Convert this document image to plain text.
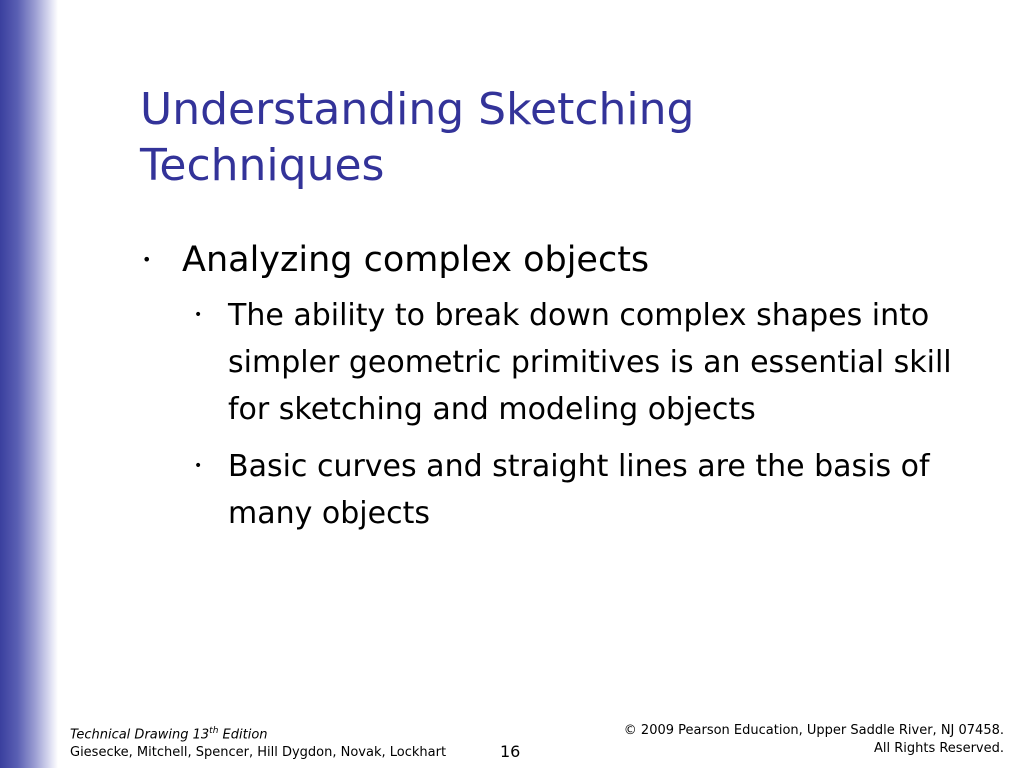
Understanding Sketching
Techniques
• Analyzing complex objects
• The ability to break down complex shapes into simpler geometric primitives is an essential skill for sketching and modeling objects
• Basic curves and straight lines are the basis of many objects
Technical Drawing 13th Edition
Giesecke, Mitchell, Spencer, Hill Dygdon, Novak, Lockhart	16
© 2009 Pearson Education, Upper Saddle River, NJ 07458.
All Rights Reserved.
